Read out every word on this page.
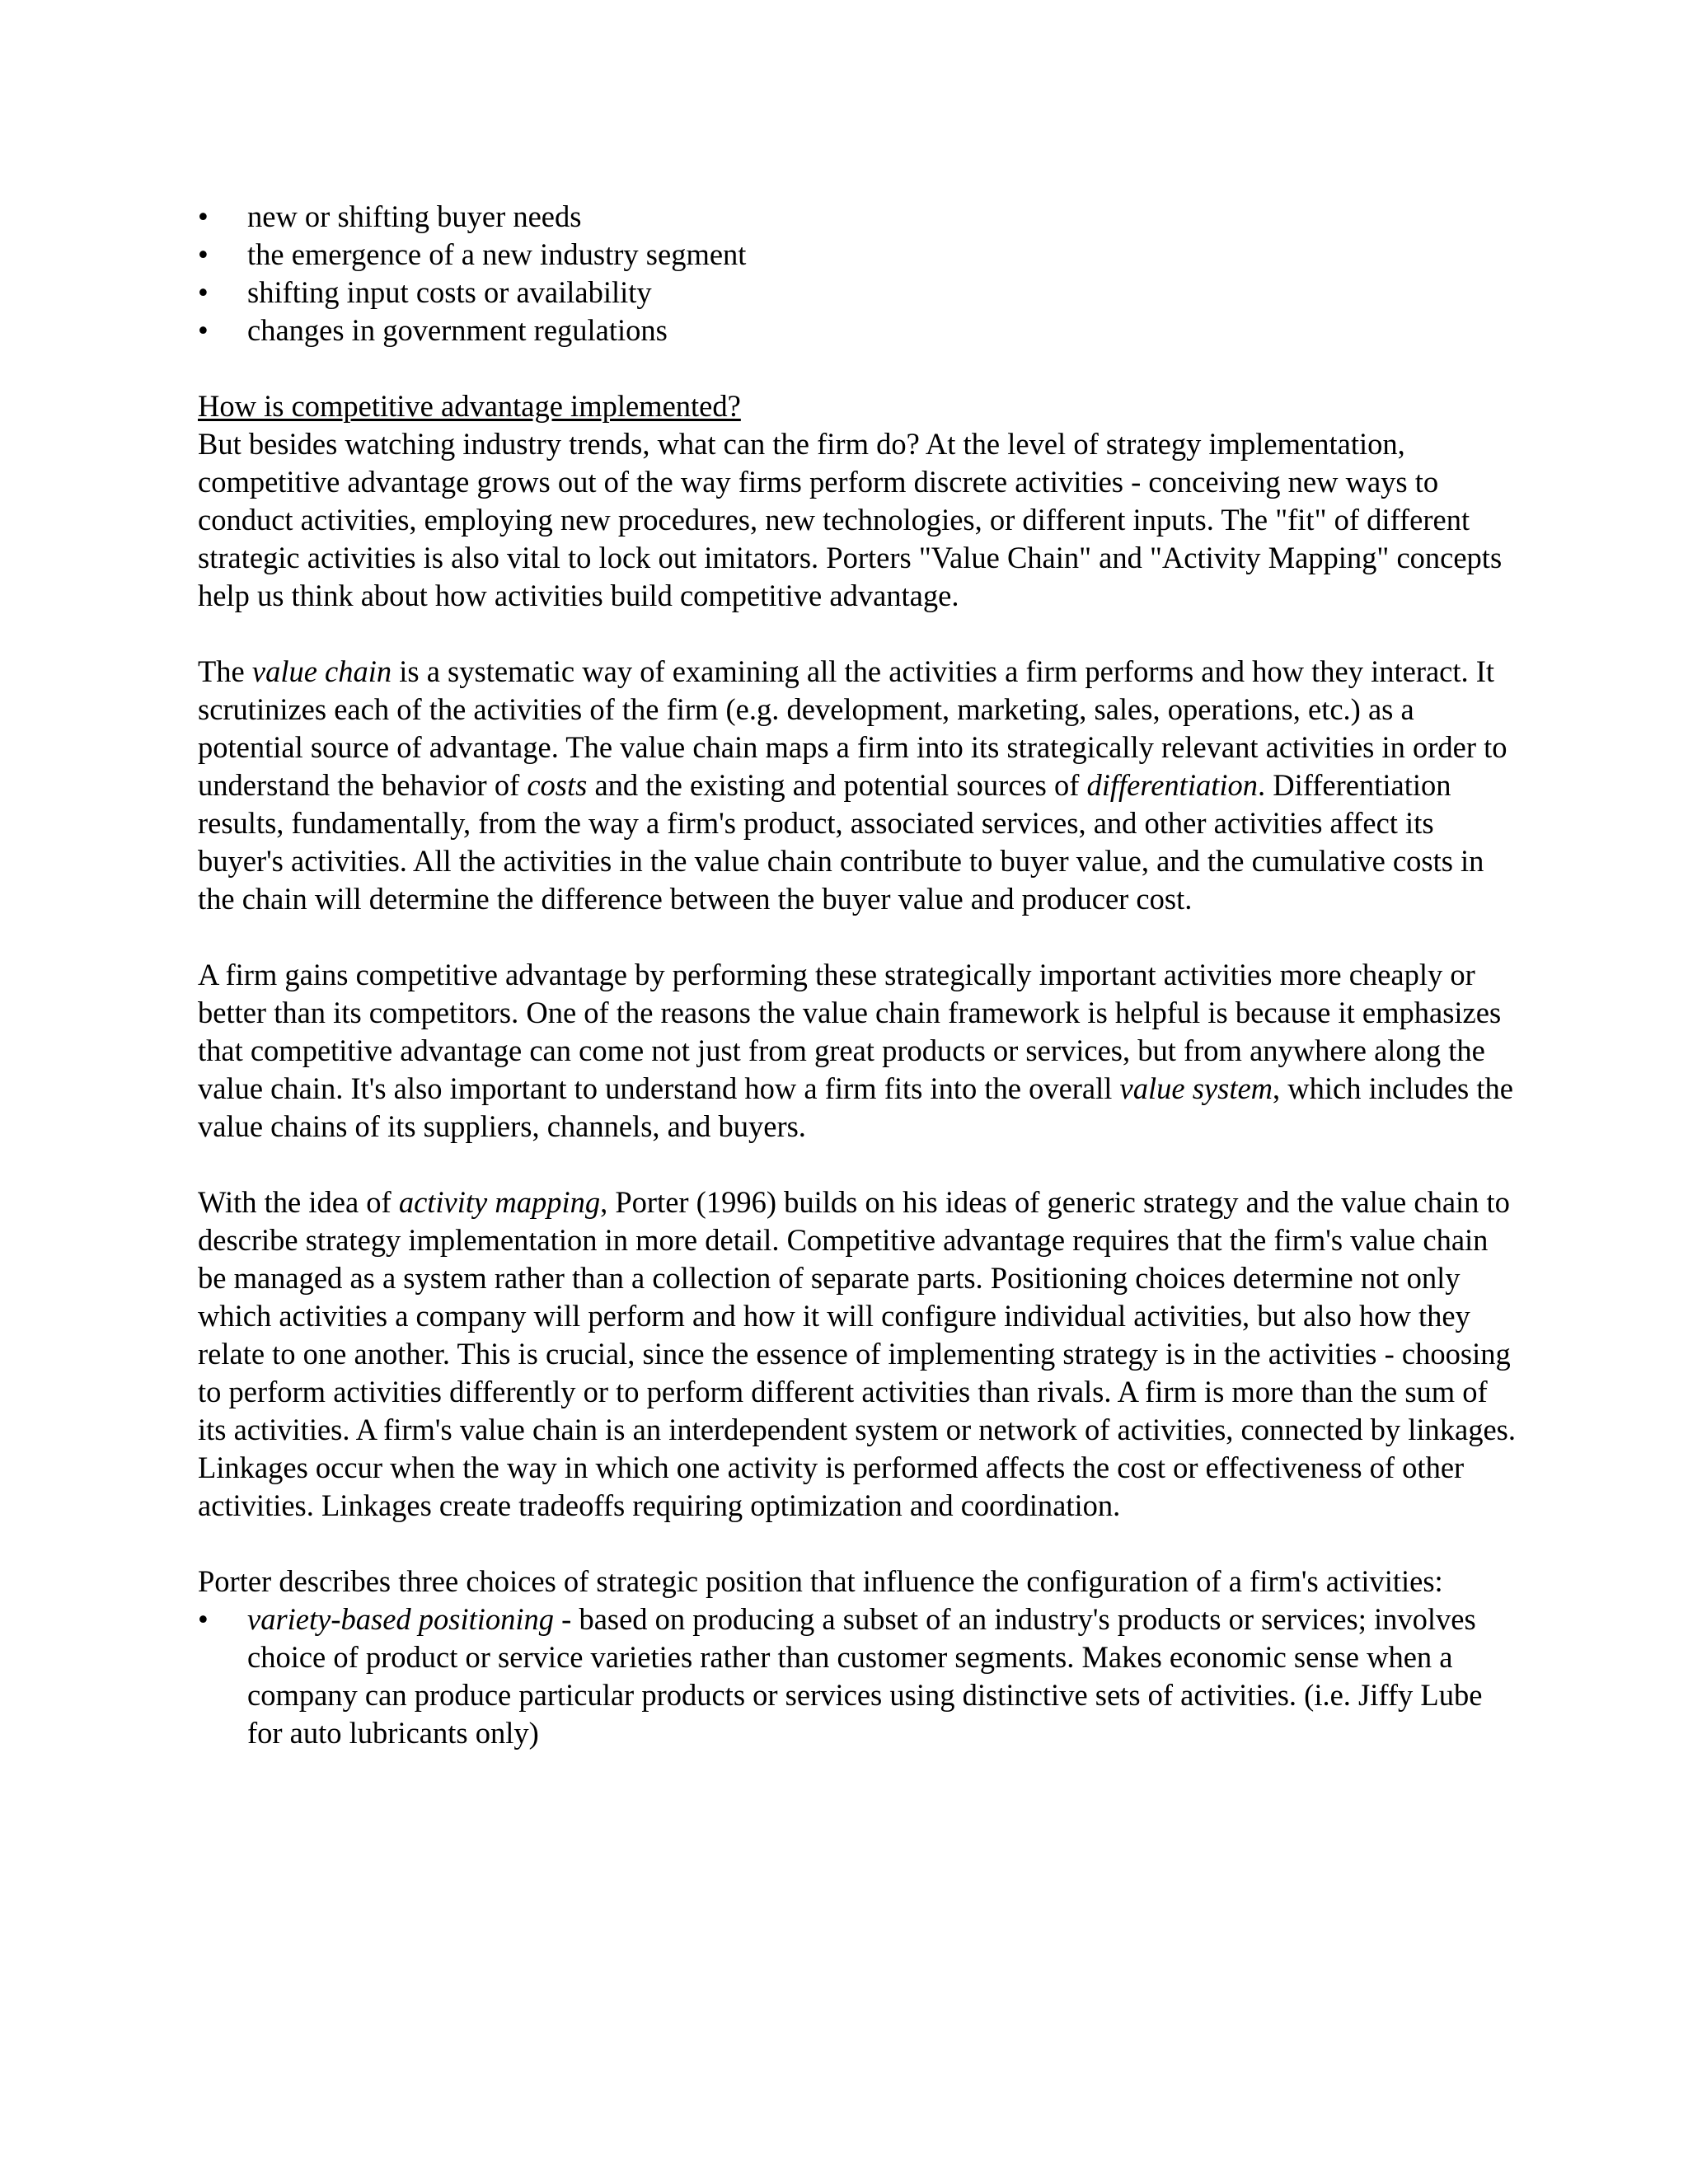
•	new or shifting buyer needs
•	the emergence of a new industry segment
•	shifting input costs or availability
•	changes in government regulations
How is competitive advantage implemented?

But besides watching industry trends, what can the firm do? At the level of strategy implementation, competitive advantage grows out of the way firms perform discrete activities - conceiving new ways to conduct activities, employing new procedures, new technologies, or different inputs. The "fit" of different strategic activities is also vital to lock out imitators. Porters "Value Chain" and "Activity Mapping" concepts help us think about how activities build competitive advantage.

The value chain is a systematic way of examining all the activities a firm performs and how they interact. It scrutinizes each of the activities of the firm (e.g. development, marketing, sales, operations, etc.) as a potential source of advantage. The value chain maps a firm into its strategically relevant activities in order to understand the behavior of costs and the existing and potential sources of differentiation. Differentiation results, fundamentally, from the way a firm's product, associated services, and other activities affect its buyer's activities. All the activities in the value chain contribute to buyer value, and the cumulative costs in the chain will determine the difference between the buyer value and producer cost.

A firm gains competitive advantage by performing these strategically important activities more cheaply or better than its competitors. One of the reasons the value chain framework is helpful is because it emphasizes that competitive advantage can come not just from great products or services, but from anywhere along the value chain. It's also important to understand how a firm fits into the overall value system, which includes the value chains of its suppliers, channels, and buyers.

With the idea of activity mapping, Porter (1996) builds on his ideas of generic strategy and the value chain to describe strategy implementation in more detail. Competitive advantage requires that the firm's value chain be managed as a system rather than a collection of separate parts. Positioning choices determine not only which activities a company will perform and how it will configure individual activities, but also how they relate to one another. This is crucial, since the essence of implementing strategy is in the activities - choosing to perform activities differently or to perform different activities than rivals. A firm is more than the sum of its activities. A firm's value chain is an interdependent system or network of activities, connected by linkages. Linkages occur when the way in which one activity is performed affects the cost or effectiveness of other activities. Linkages create tradeoffs requiring optimization and coordination.

Porter describes three choices of strategic position that influence the configuration of a firm's activities:

•	variety-based positioning - based on producing a subset of an industry's products or services; involves choice of product or service varieties rather than customer segments. Makes economic sense when a company can produce particular products or services using distinctive sets of activities. (i.e. Jiffy Lube for auto lubricants only)
